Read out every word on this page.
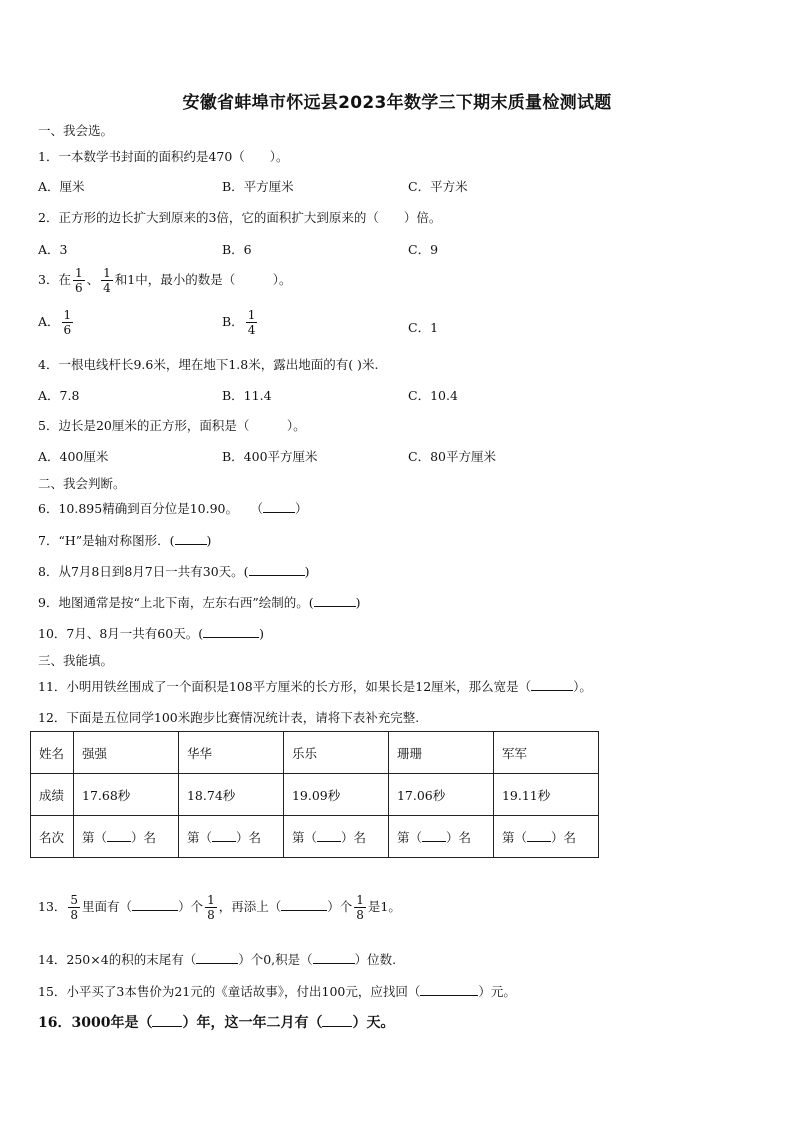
安徽省蚌埠市怀远县2023年数学三下期末质量检测试题
一、我会选。
1．一本数学书封面的面积约是470（　　）。
A．厘米	B．平方厘米	C．平方米
2．正方形的边长扩大到原来的3倍，它的面积扩大到原来的（　　）倍。
A．3	B．6	C．9
3．在 $\frac{1}{6}$ 、 $\frac{1}{4}$ 和1中，最小的数是（　　　）。
A． $\frac{1}{6}$	B． $\frac{1}{4}$	C．1
4．一根电线杆长9.6米，埋在地下1.8米，露出地面的有( )米.
A．7.8	B．11.4	C．10.4
5．边长是20厘米的正方形，面积是（　　　）。
A．400厘米	B．400平方厘米	C．80平方厘米
二、我会判断。
6．10.895精确到百分位是10.90。　　（	）
7．“H”是轴对称图形．(	)
8．从7月8日到8月7日一共有30天。(	)
9．地图通常是按“上北下南，左东右西”绘制的。(	)
10．7月、8月一共有60天。(	)
三、我能填。
11．小明用铁丝围成了一个面积是108平方厘米的长方形，如果长是12厘米，那么宽是（	）。
12．下面是五位同学100米跑步比赛情况统计表，请将下表补充完整.
姓名	强强	华华	乐乐	珊珊	军军
成绩	17.68秒	18.74秒	19.09秒	17.06秒	19.11秒
名次	第（ ）名	第（ ）名	第（ ）名	第（ ）名	第（ ）名
13． $\frac{5}{8}$ 里面有（	）个 $\frac{1}{8}$ ，再添上（	）个 $\frac{1}{8}$ 是1。
14．250×4的积的末尾有（	）个0,积是（	）位数.
15．小平买了3本售价为21元的《童话故事》，付出100元，应找回（	）元。
16．3000年是（ ）年，这一年二月有（ ）天。
